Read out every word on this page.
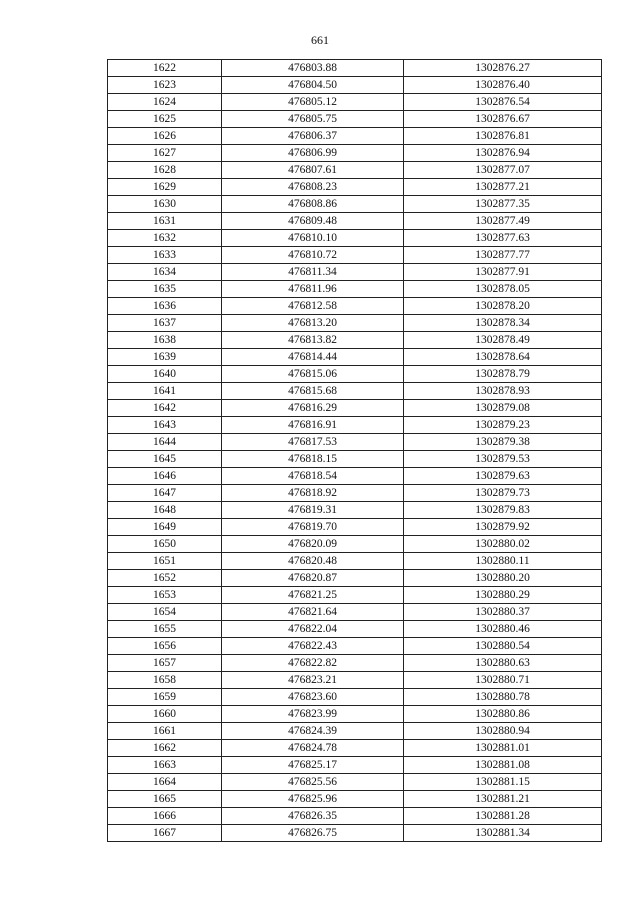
661
1622	476803.88	1302876.27
1623	476804.50	1302876.40
1624	476805.12	1302876.54
1625	476805.75	1302876.67
1626	476806.37	1302876.81
1627	476806.99	1302876.94
1628	476807.61	1302877.07
1629	476808.23	1302877.21
1630	476808.86	1302877.35
1631	476809.48	1302877.49
1632	476810.10	1302877.63
1633	476810.72	1302877.77
1634	476811.34	1302877.91
1635	476811.96	1302878.05
1636	476812.58	1302878.20
1637	476813.20	1302878.34
1638	476813.82	1302878.49
1639	476814.44	1302878.64
1640	476815.06	1302878.79
1641	476815.68	1302878.93
1642	476816.29	1302879.08
1643	476816.91	1302879.23
1644	476817.53	1302879.38
1645	476818.15	1302879.53
1646	476818.54	1302879.63
1647	476818.92	1302879.73
1648	476819.31	1302879.83
1649	476819.70	1302879.92
1650	476820.09	1302880.02
1651	476820.48	1302880.11
1652	476820.87	1302880.20
1653	476821.25	1302880.29
1654	476821.64	1302880.37
1655	476822.04	1302880.46
1656	476822.43	1302880.54
1657	476822.82	1302880.63
1658	476823.21	1302880.71
1659	476823.60	1302880.78
1660	476823.99	1302880.86
1661	476824.39	1302880.94
1662	476824.78	1302881.01
1663	476825.17	1302881.08
1664	476825.56	1302881.15
1665	476825.96	1302881.21
1666	476826.35	1302881.28
1667	476826.75	1302881.34
